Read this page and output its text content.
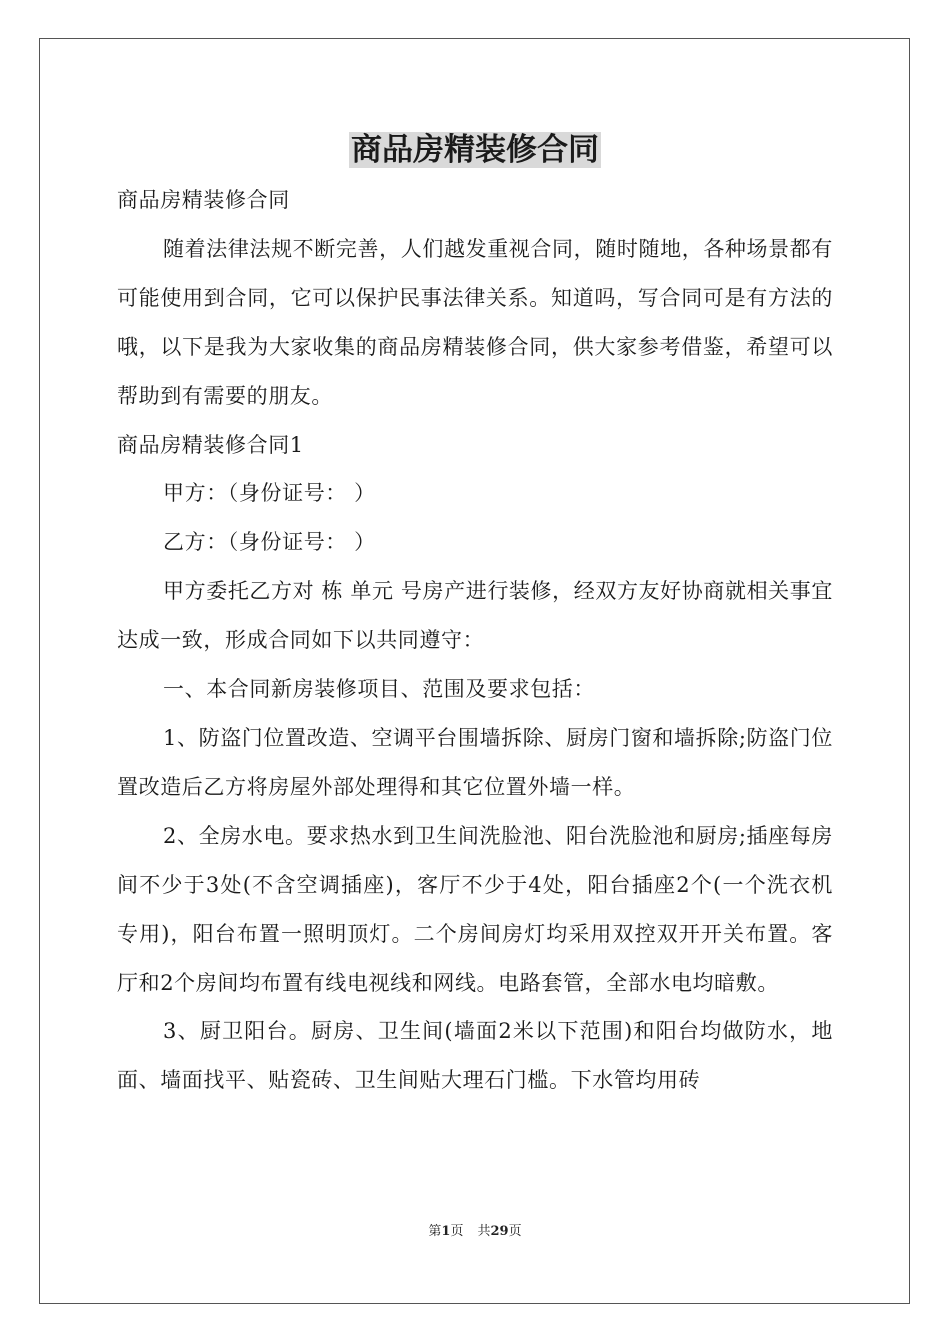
商品房精装修合同

商品房精装修合同

随着法律法规不断完善，人们越发重视合同，随时随地，各种场景都有可能使用到合同，它可以保护民事法律关系。知道吗，写合同可是有方法的哦，以下是我为大家收集的商品房精装修合同，供大家参考借鉴，希望可以帮助到有需要的朋友。

商品房精装修合同1

甲方：（身份证号： ）

乙方：（身份证号： ）

甲方委托乙方对 栋 单元 号房产进行装修，经双方友好协商就相关事宜达成一致，形成合同如下以共同遵守：

一、本合同新房装修项目、范围及要求包括：

1、防盗门位置改造、空调平台围墙拆除、厨房门窗和墙拆除;防盗门位置改造后乙方将房屋外部处理得和其它位置外墙一样。

2、全房水电。要求热水到卫生间洗脸池、阳台洗脸池和厨房;插座每房间不少于3处(不含空调插座)，客厅不少于4处，阳台插座2个(一个洗衣机专用)，阳台布置一照明顶灯。二个房间房灯均采用双控双开开关布置。客厅和2个房间均布置有线电视线和网线。电路套管，全部水电均暗敷。

3、厨卫阳台。厨房、卫生间(墙面2米以下范围)和阳台均做防水，地面、墙面找平、贴瓷砖、卫生间贴大理石门槛。下水管均用砖

第1页 共29页
